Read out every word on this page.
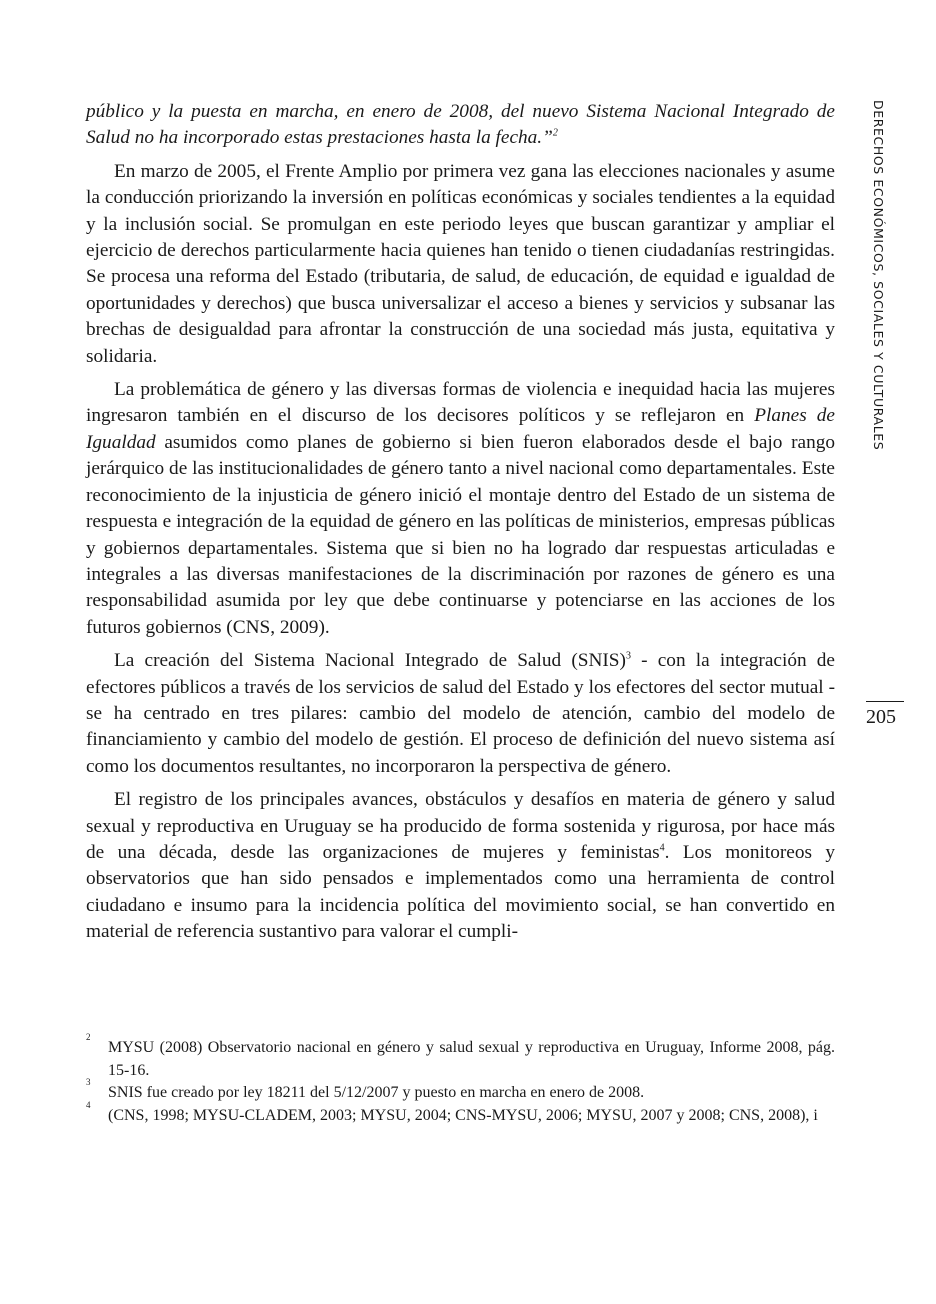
DERECHOS ECONÓMICOS, SOCIALES Y CULTURALES
205

público y la puesta en marcha, en enero de 2008, del nuevo Sistema Nacional Integrado de Salud no ha incorporado estas prestaciones hasta la fecha.”$^2$

En marzo de 2005, el Frente Amplio por primera vez gana las elecciones nacionales y asume la conducción priorizando la inversión en políticas económicas y sociales tendientes a la equidad y la inclusión social. Se promulgan en este periodo leyes que buscan garantizar y ampliar el ejercicio de derechos particularmente hacia quienes han tenido o tienen ciudadanías restringidas. Se procesa una reforma del Estado (tributaria, de salud, de educación, de equidad e igualdad de oportunidades y derechos) que busca universalizar el acceso a bienes y servicios y subsanar las brechas de desigualdad para afrontar la construcción de una sociedad más justa, equitativa y solidaria.

La problemática de género y las diversas formas de violencia e inequidad hacia las mujeres ingresaron también en el discurso de los decisores políticos y se reflejaron en Planes de Igualdad asumidos como planes de gobierno si bien fueron elaborados desde el bajo rango jerárquico de las institucionalidades de género tanto a nivel nacional como departamentales. Este reconocimiento de la injusticia de género inició el montaje dentro del Estado de un sistema de respuesta e integración de la equidad de género en las políticas de ministerios, empresas públicas y gobiernos departamentales. Sistema que si bien no ha logrado dar respuestas articuladas e integrales a las diversas manifestaciones de la discriminación por razones de género es una responsabilidad asumida por ley que debe continuarse y potenciarse en las acciones de los futuros gobiernos (CNS, 2009).

La creación del Sistema Nacional Integrado de Salud (SNIS)$^3$ - con la integración de efectores públicos a través de los servicios de salud del Estado y los efectores del sector mutual - se ha centrado en tres pilares: cambio del modelo de atención, cambio del modelo de financiamiento y cambio del modelo de gestión. El proceso de definición del nuevo sistema así como los documentos resultantes, no incorporaron la perspectiva de género.

El registro de los principales avances, obstáculos y desafíos en materia de género y salud sexual y reproductiva en Uruguay se ha producido de forma sostenida y rigurosa, por hace más de una década, desde las organizaciones de mujeres y feministas$^4$. Los monitoreos y observatorios que han sido pensados e implementados como una herramienta de control ciudadano e insumo para la incidencia política del movimiento social, se han convertido en material de referencia sustantivo para valorar el cumpli-

2
MYSU (2008) Observatorio nacional en género y salud sexual y reproductiva en Uruguay, Informe 2008, pág. 15-16.
3
SNIS fue creado por ley 18211 del 5/12/2007 y puesto en marcha en enero de 2008.
4
(CNS, 1998; MYSU-CLADEM, 2003; MYSU, 2004; CNS-MYSU, 2006; MYSU, 2007 y 2008; CNS, 2008), i
